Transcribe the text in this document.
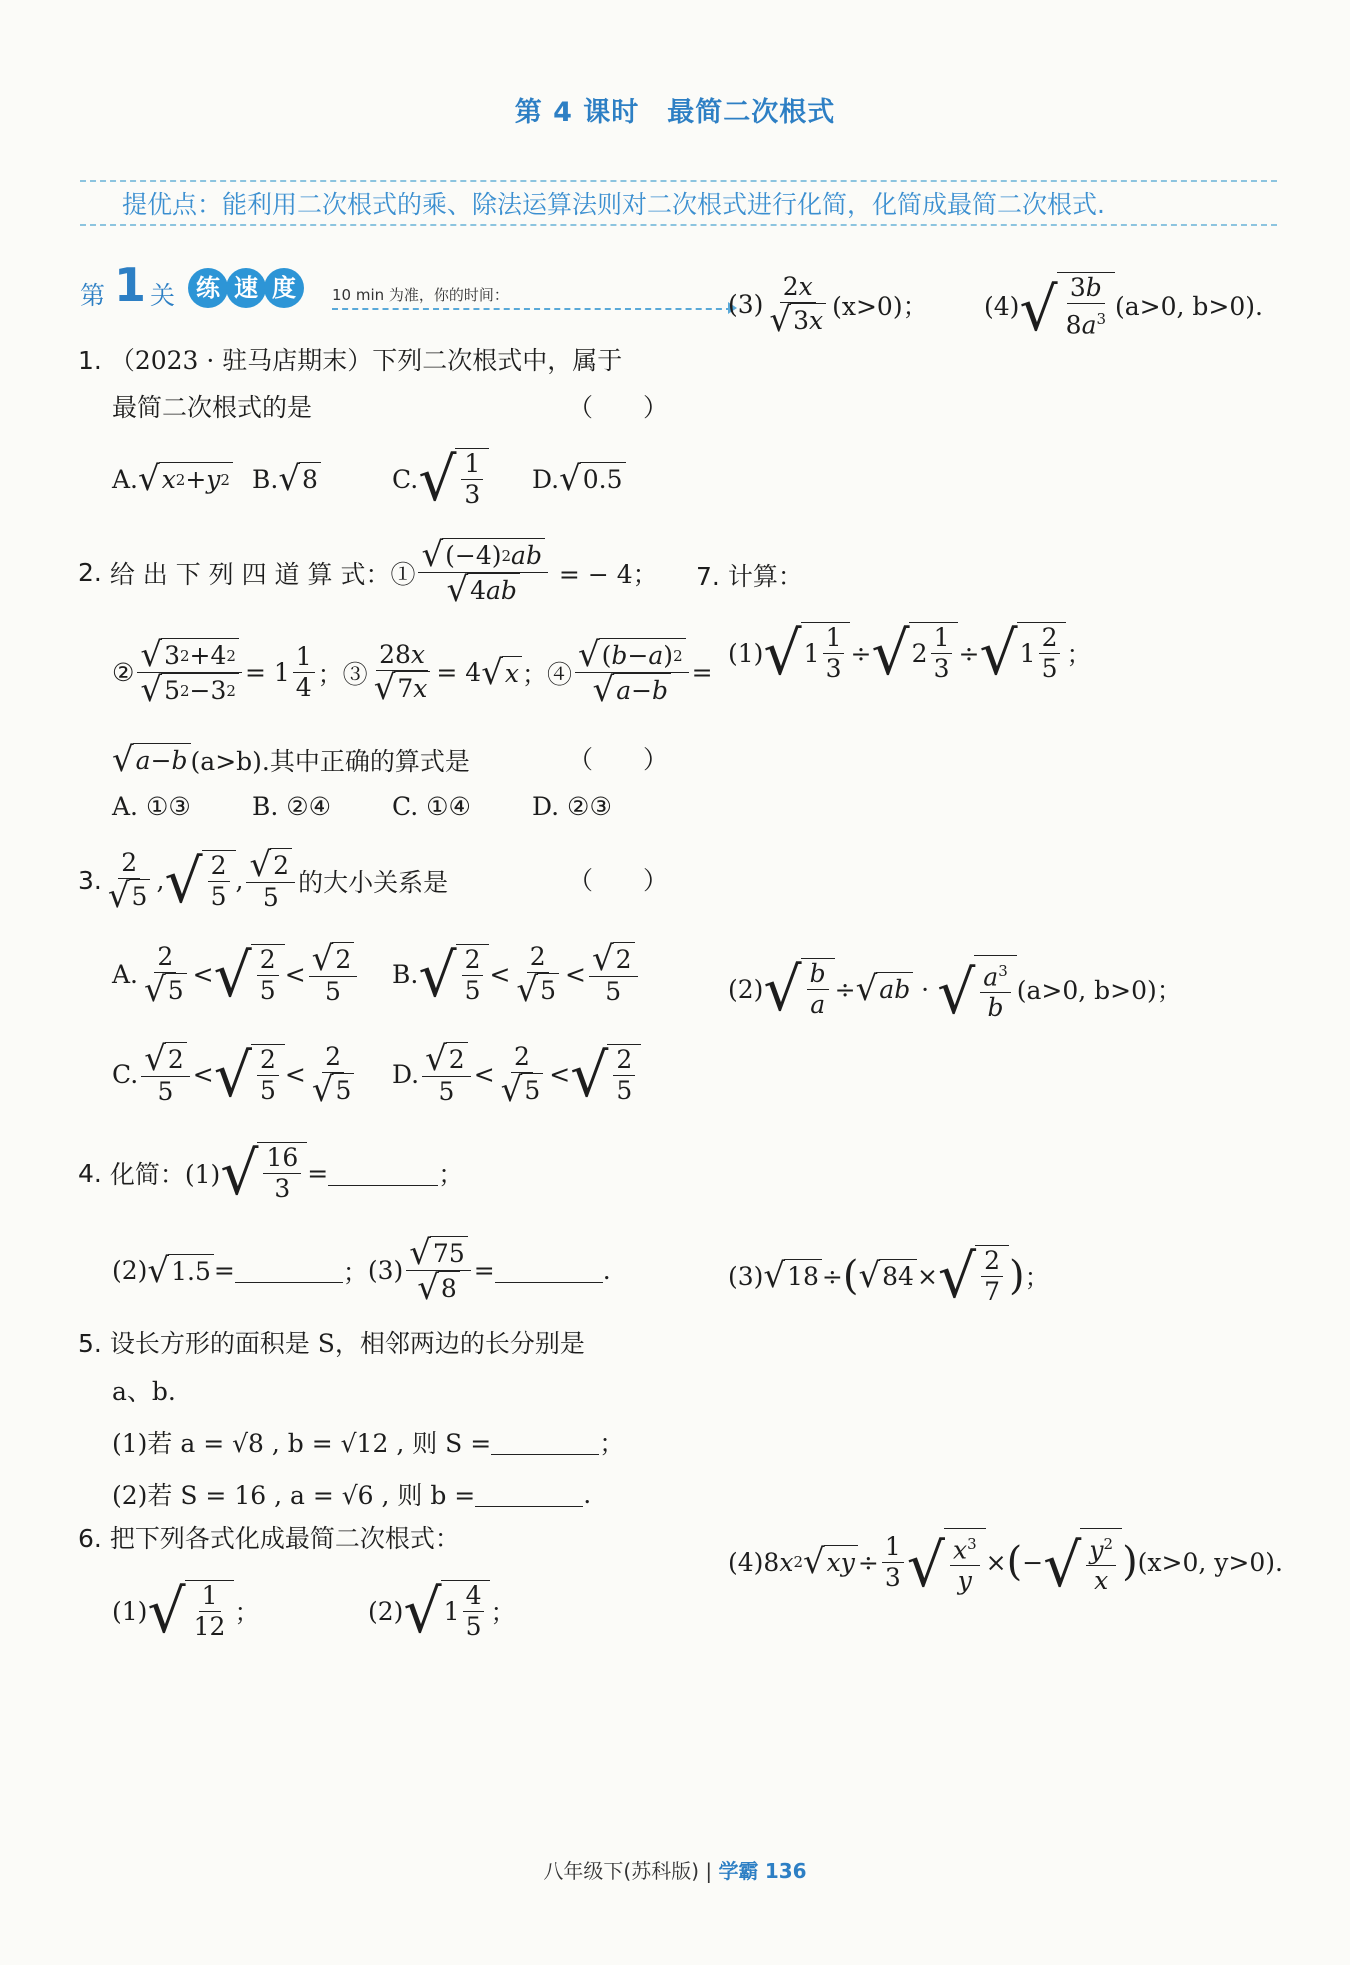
第 4 课时　最简二次根式
提优点：能利用二次根式的乘、除法运算法则对二次根式进行化简，化简成最简二次根式.
第 1 关 练 速 度	10 min 为准，你的时间：
1. （2023 · 驻马店期末）下列二次根式中，属于
最简二次根式的是	（　　）
A. √ x 2 + y 2 B. √ 8	C. √ $\frac{1}{3} D$. √ 0.5
2.
给 出 下 列 四 道 算 式：① $\frac{√ (-4) 2 ab}{√ 4 ab}$
= − 4；
② $\frac{√ 3 2 +4 2}{√ 5 2 -3 2} = 1 \frac{1}{4}$ ；③ $\frac{28x}{√ 7 x} = 4$ √ x ；④ $\frac{√ ( b - a ) 2}{√ a - b}$ =
√ a − b (a>b).其中正确的算式是	（　　）
A. ①③ B. ②④ C. ①④ D. ②③
3. $\frac{2}{√ 5}$ , √ $\frac{2}{5}$ , $\frac{√ 2}{5}$ 的大小关系是	（　　）
A. $\frac{2}{√ 5}$ < √ $\frac{2}{5} < \frac{√ 2}{5} B$. √ $\frac{2}{5} < \frac{2}{√ 5} < \frac{√ 2}{5}$
C. $\frac{√ 2}{5}$ < √ $\frac{2}{5} < \frac{2}{√ 5} D$. $\frac{√ 2}{5} < \frac{2}{√ 5}$ < √ $\frac{2}{5}$
4.
化简：(1) √ $\frac{16}{3}$ =	；
(2) √ 1.5 =	； $(3) \frac{√ 75}{√ 8}$ =	.
5. 设长方形的面积是 S，相邻两边的长分别是
a、b.
(1)若 a = √8 , b = √12 , 则 S =	；
(2)若 S = 16 , a = √6 , 则 b =	.
6. 把下列各式化成最简二次根式：
(1) √ $\frac{1}{12}$ ；	(2) √ $1 \frac{4}{5}$ ；
$(3) \frac{2x}{√ 3 x} (x>0)$； (4) √ $\frac{3b}{8a^3} (a>0$, b>0).
7. 计算：
(1) √ $1 \frac{1}{3}$ ÷ √ $2 \frac{1}{3}$ ÷ √ $1 \frac{2}{5}$ ；
(2) √ $\frac{b}{a}$ ÷ √ ab · √ $\frac{a^3}{b} (a>0$, b>0)；
(3) √ 18 ÷ ( √ 84 × √ $\frac{2}{7}$ ) ；
(4) 8 x 2 √ xy ÷ $\frac{1}{3}$ √ $\frac{x^3}{y}$ × ( − √ $\frac{y^2}{x}$ ) (x>0, y>0).
八年级下(苏科版) | 学霸 136
